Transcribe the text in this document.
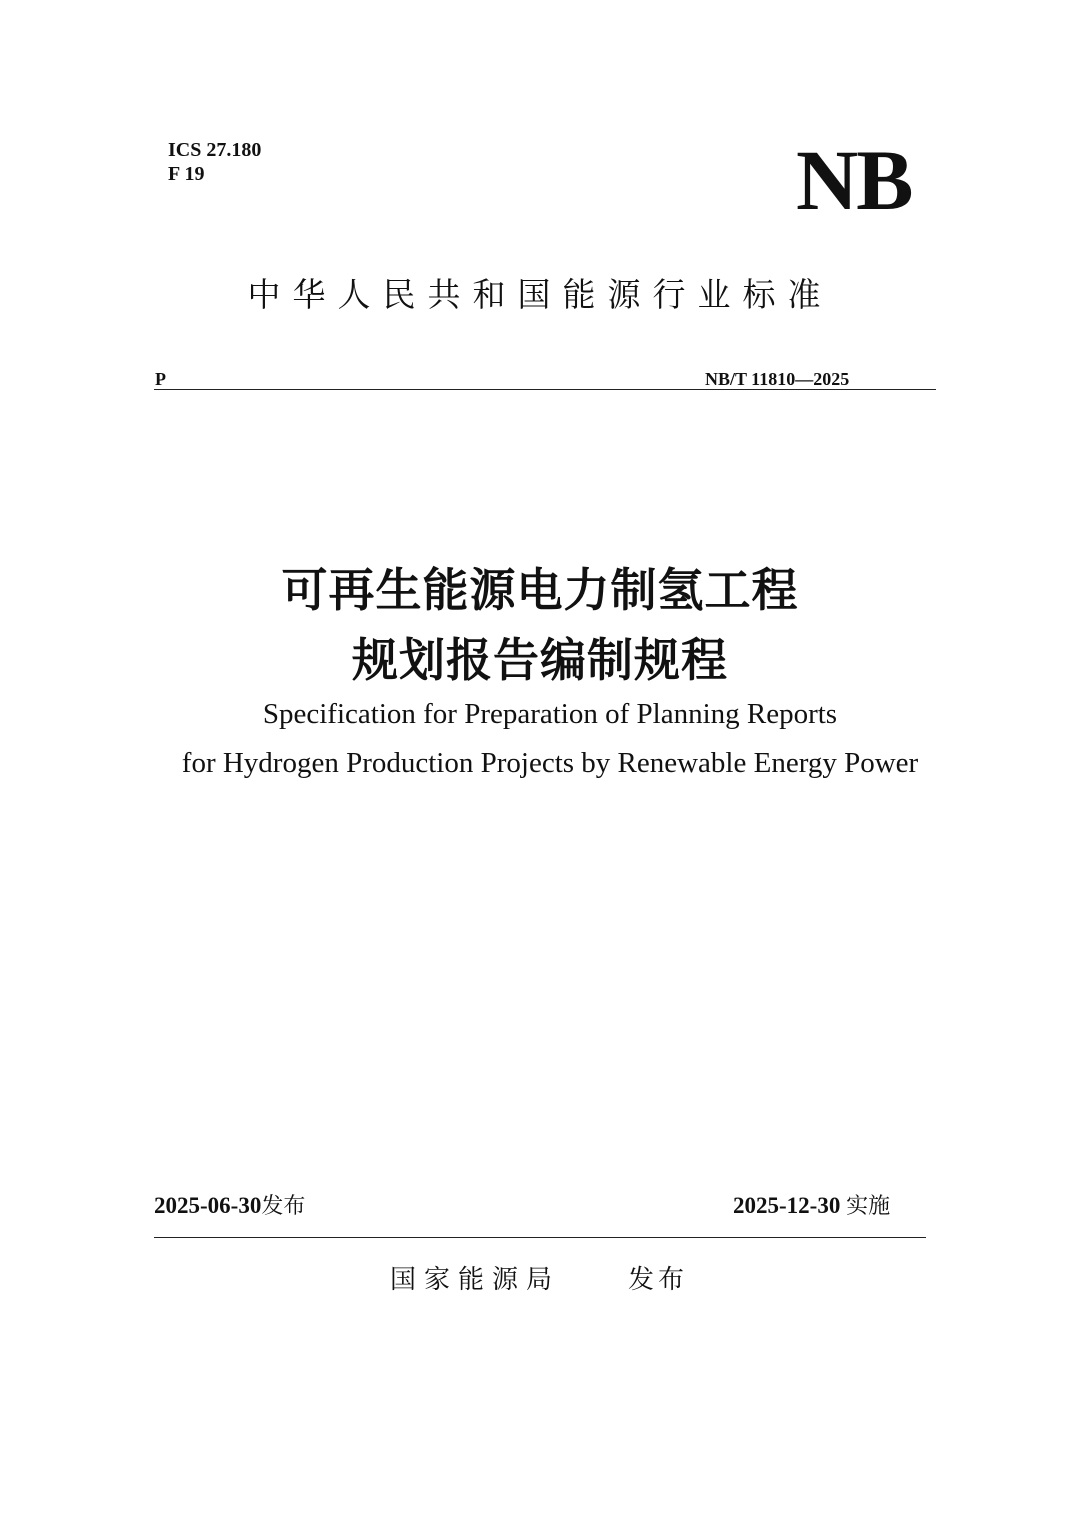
ICS 27.180
F 19	NB
中华人民共和国能源行业标准
P	NB/T 11810—2025
可再生能源电力制氢工程
规划报告编制规程
Specification for Preparation of Planning Reports
for Hydrogen Production Projects by Renewable Energy Power
2025-06-30发布	2025-12-30 实施
国家能源局	发布
